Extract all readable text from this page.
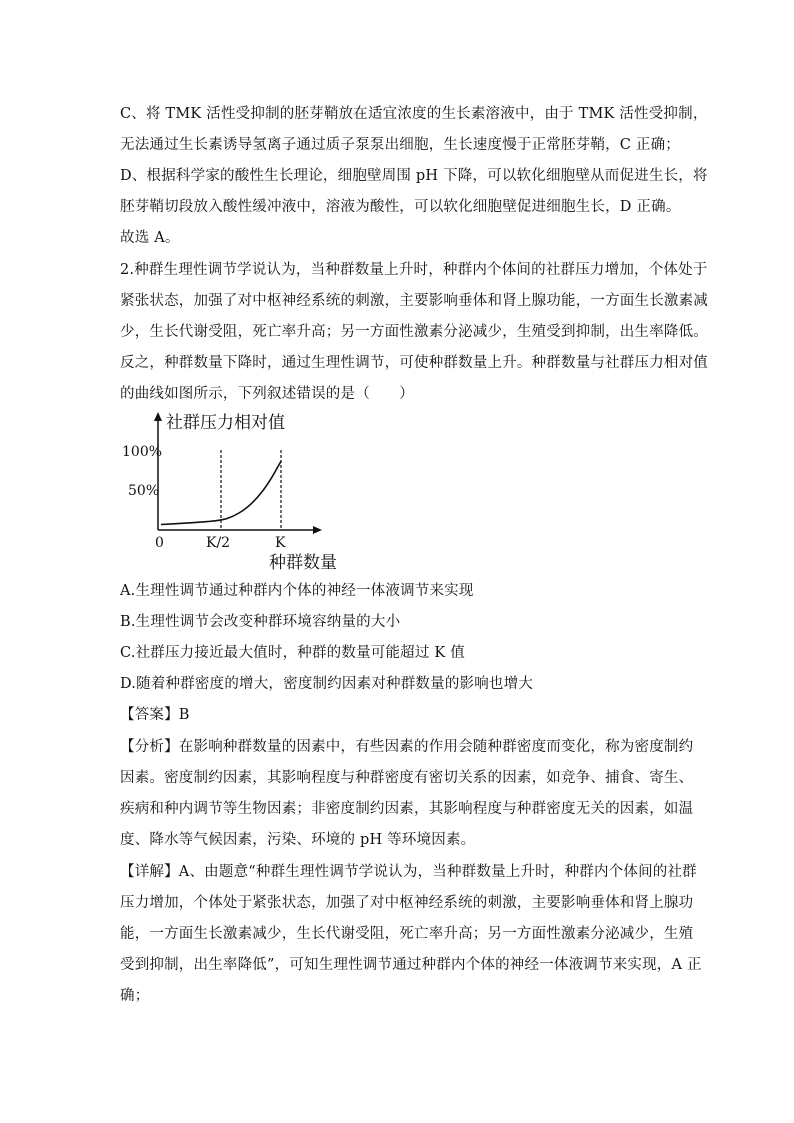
C、将 TMK 活性受抑制的胚芽鞘放在适宜浓度的生长素溶液中，由于 TMK 活性受抑制，
无法通过生长素诱导氢离子通过质子泵泵出细胞，生长速度慢于正常胚芽鞘，C 正确；
D、根据科学家的酸性生长理论，细胞壁周围 pH 下降，可以软化细胞壁从而促进生长，将
胚芽鞘切段放入酸性缓冲液中，溶液为酸性，可以软化细胞壁促进细胞生长，D 正确。
故选 A。
2.种群生理性调节学说认为，当种群数量上升时，种群内个体间的社群压力增加，个体处于
紧张状态，加强了对中枢神经系统的刺激，主要影响垂体和肾上腺功能，一方面生长激素减
少，生长代谢受阻，死亡率升高；另一方面性激素分泌减少，生殖受到抑制，出生率降低。
反之，种群数量下降时，通过生理性调节，可使种群数量上升。种群数量与社群压力相对值
的曲线如图所示，下列叙述错误的是（　　）
社群压力相对值
100%
50%
0	K/2	K
种群数量
A.生理性调节通过种群内个体的神经一体液调节来实现
B.生理性调节会改变种群环境容纳量的大小
C.社群压力接近最大值时，种群的数量可能超过 K 值
D.随着种群密度的增大，密度制约因素对种群数量的影响也增大
【答案】B
【分析】在影响种群数量的因素中，有些因素的作用会随种群密度而变化，称为密度制约
因素。密度制约因素，其影响程度与种群密度有密切关系的因素，如竞争、捕食、寄生、
疾病和种内调节等生物因素；非密度制约因素，其影响程度与种群密度无关的因素，如温
度、降水等气候因素，污染、环境的 pH 等环境因素。
【详解】A、由题意“种群生理性调节学说认为，当种群数量上升时，种群内个体间的社群
压力增加，个体处于紧张状态，加强了对中枢神经系统的刺激，主要影响垂体和肾上腺功
能，一方面生长激素减少，生长代谢受阻，死亡率升高；另一方面性激素分泌减少，生殖
受到抑制，出生率降低”，可知生理性调节通过种群内个体的神经一体液调节来实现，A 正
确；
